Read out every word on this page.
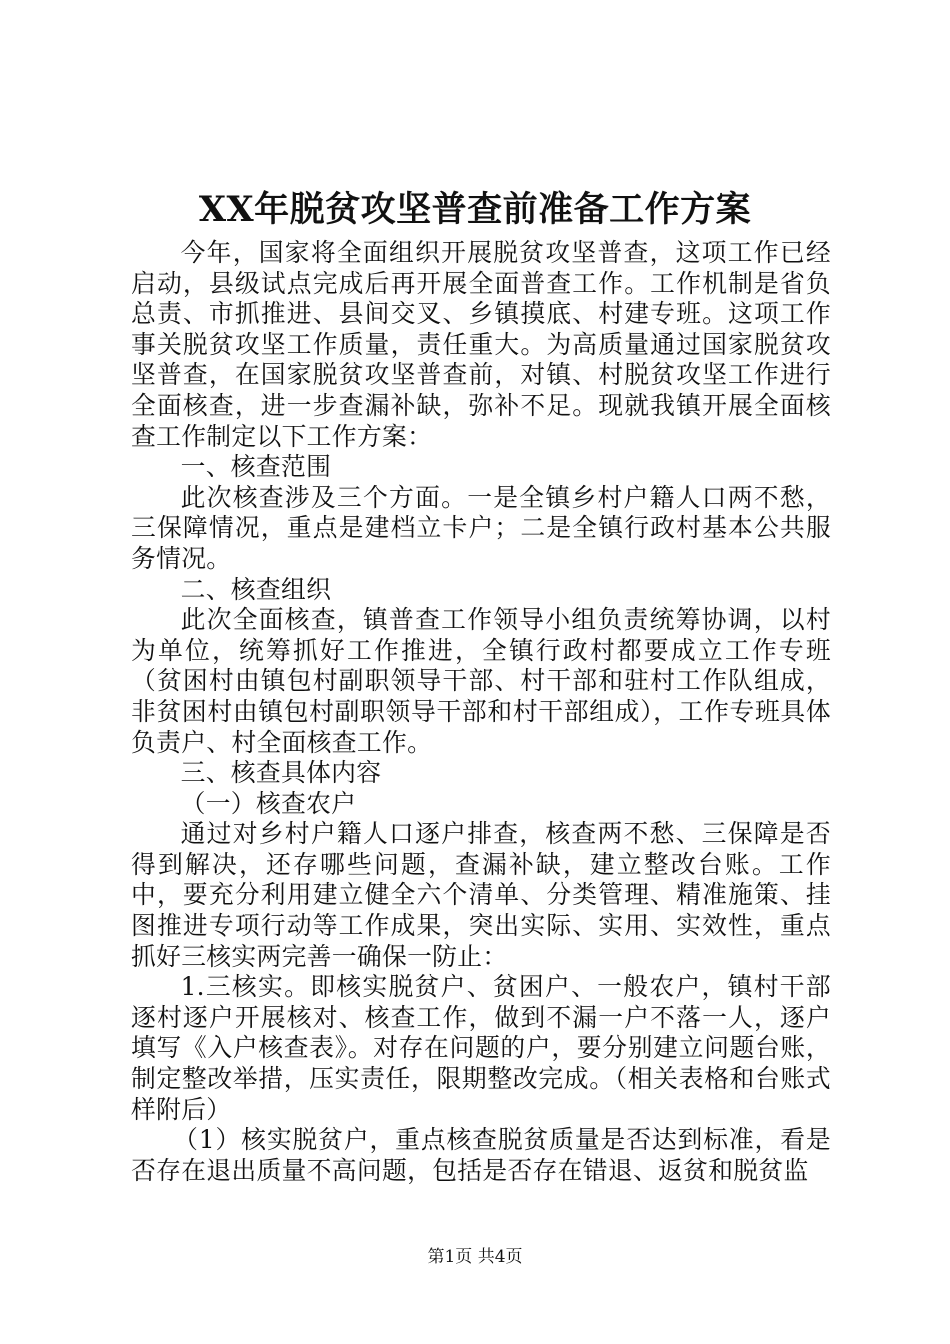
XX年脱贫攻坚普查前准备工作方案

今年，国家将全面组织开展脱贫攻坚普查，这项工作已经启动，县级试点完成后再开展全面普查工作。工作机制是省负总责、市抓推进、县间交叉、乡镇摸底、村建专班。这项工作事关脱贫攻坚工作质量，责任重大。为高质量通过国家脱贫攻坚普查，在国家脱贫攻坚普查前，对镇、村脱贫攻坚工作进行全面核查，进一步查漏补缺，弥补不足。现就我镇开展全面核查工作制定以下工作方案：

一、核查范围

此次核查涉及三个方面。一是全镇乡村户籍人口两不愁，三保障情况，重点是建档立卡户；二是全镇行政村基本公共服务情况。

二、核查组织

此次全面核查，镇普查工作领导小组负责统筹协调，以村为单位，统筹抓好工作推进，全镇行政村都要成立工作专班（贫困村由镇包村副职领导干部、村干部和驻村工作队组成，非贫困村由镇包村副职领导干部和村干部组成），工作专班具体负责户、村全面核查工作。

三、核查具体内容

（一）核查农户

通过对乡村户籍人口逐户排查，核查两不愁、三保障是否得到解决，还存哪些问题，查漏补缺，建立整改台账。工作中，要充分利用建立健全六个清单、分类管理、精准施策、挂图推进专项行动等工作成果，突出实际、实用、实效性，重点抓好三核实两完善一确保一防止：

1.三核实。即核实脱贫户、贫困户、一般农户，镇村干部逐村逐户开展核对、核查工作，做到不漏一户不落一人，逐户填写《入户核查表》。对存在问题的户，要分别建立问题台账，制定整改举措，压实责任，限期整改完成。（相关表格和台账式样附后）

（1）核实脱贫户，重点核查脱贫质量是否达到标准，看是否存在退出质量不高问题，包括是否存在错退、返贫和脱贫监

第1页 共4页
